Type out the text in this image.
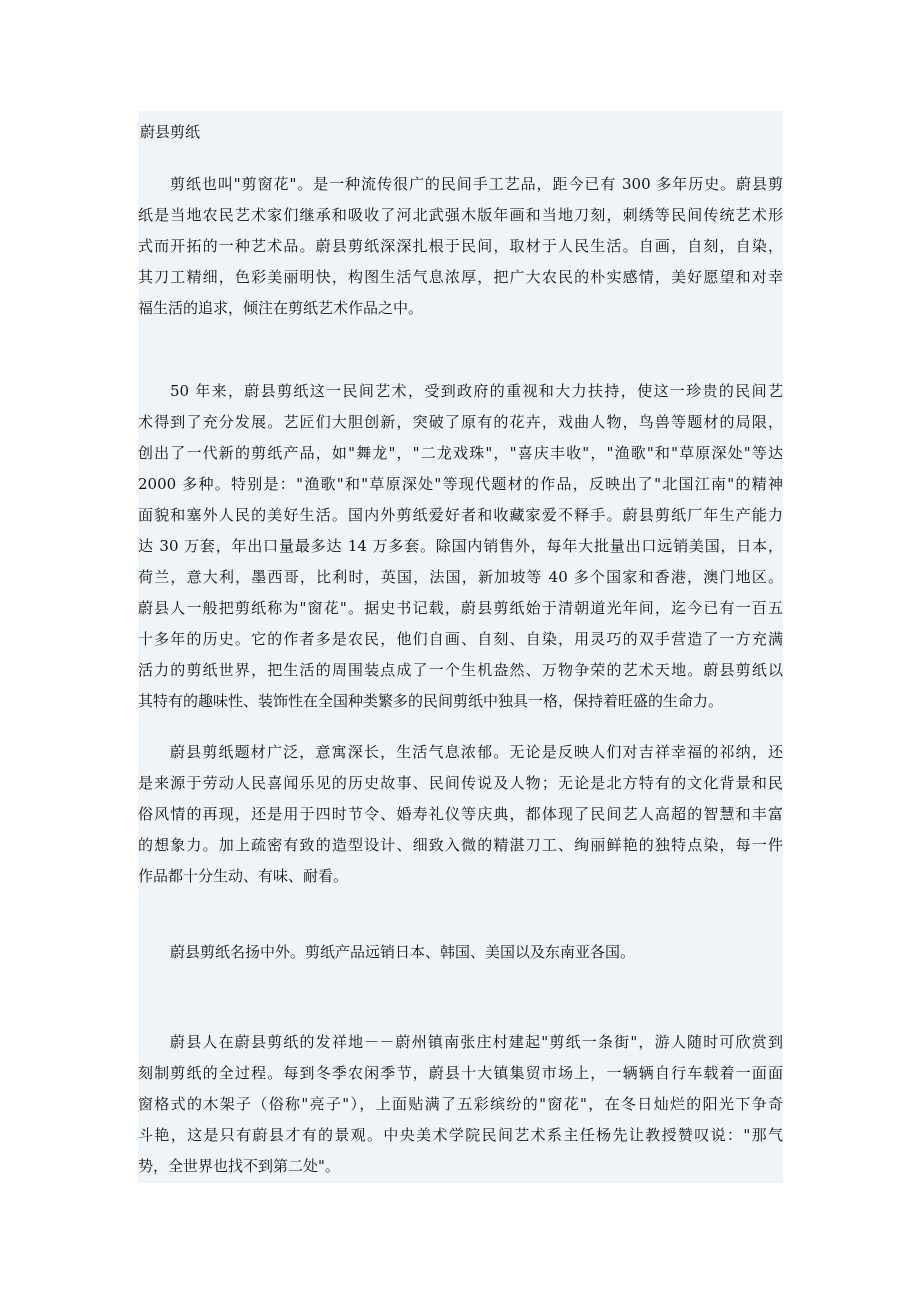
蔚县剪纸
剪纸也叫"剪窗花"。是一种流传很广的民间手工艺品，距今已有 300 多年历史。蔚县剪
纸是当地农民艺术家们继承和吸收了河北武强木版年画和当地刀刻，刺绣等民间传统艺术形
式而开拓的一种艺术品。蔚县剪纸深深扎根于民间，取材于人民生活。自画，自刻，自染，
其刀工精细，色彩美丽明快，构图生活气息浓厚，把广大农民的朴实感情，美好愿望和对幸
福生活的追求，倾注在剪纸艺术作品之中。
50 年来，蔚县剪纸这一民间艺术，受到政府的重视和大力扶持，使这一珍贵的民间艺
术得到了充分发展。艺匠们大胆创新，突破了原有的花卉，戏曲人物，鸟兽等题材的局限，
创出了一代新的剪纸产品，如"舞龙"，"二龙戏珠"，"喜庆丰收"，"渔歌"和"草原深处"等达
2000 多种。特别是："渔歌"和"草原深处"等现代题材的作品，反映出了"北国江南"的精神
面貌和塞外人民的美好生活。国内外剪纸爱好者和收藏家爱不释手。蔚县剪纸厂年生产能力
达 30 万套，年出口量最多达 14 万多套。除国内销售外，每年大批量出口远销美国，日本，
荷兰，意大利，墨西哥，比利时，英国，法国，新加坡等 40 多个国家和香港，澳门地区。
蔚县人一般把剪纸称为"窗花"。据史书记载，蔚县剪纸始于清朝道光年间，迄今已有一百五
十多年的历史。它的作者多是农民，他们自画、自刻、自染，用灵巧的双手营造了一方充满
活力的剪纸世界，把生活的周围装点成了一个生机盎然、万物争荣的艺术天地。蔚县剪纸以
其特有的趣味性、装饰性在全国种类繁多的民间剪纸中独具一格，保持着旺盛的生命力。
蔚县剪纸题材广泛，意寓深长，生活气息浓郁。无论是反映人们对吉祥幸福的祁纳，还
是来源于劳动人民喜闻乐见的历史故事、民间传说及人物；无论是北方特有的文化背景和民
俗风情的再现，还是用于四时节令、婚寿礼仪等庆典，都体现了民间艺人高超的智慧和丰富
的想象力。加上疏密有致的造型设计、细致入微的精湛刀工、绚丽鲜艳的独特点染，每一件
作品都十分生动、有味、耐看。
蔚县剪纸名扬中外。剪纸产品远销日本、韩国、美国以及东南亚各国。
蔚县人在蔚县剪纸的发祥地－－蔚州镇南张庄村建起"剪纸一条街"，游人随时可欣赏到
刻制剪纸的全过程。每到冬季农闲季节，蔚县十大镇集贸市场上，一辆辆自行车载着一面面
窗格式的木架子（俗称"亮子"），上面贴满了五彩缤纷的"窗花"，在冬日灿烂的阳光下争奇
斗艳，这是只有蔚县才有的景观。中央美术学院民间艺术系主任杨先让教授赞叹说："那气
势，全世界也找不到第二处"。
